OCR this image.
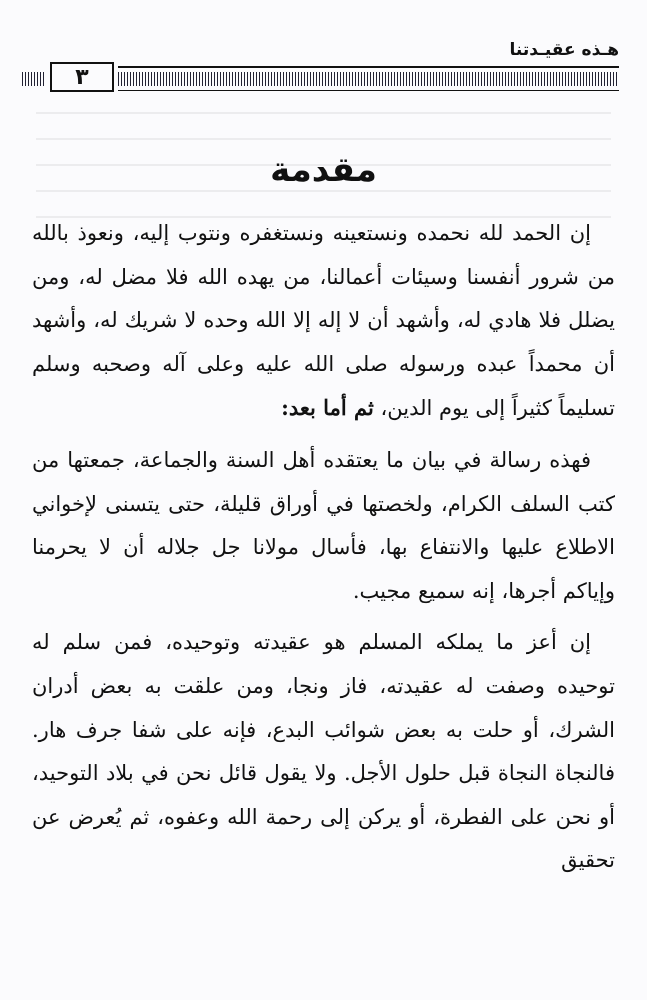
هـذه عقيـدتنا
٣
مقدمة

إن الحمد لله نحمده ونستعينه ونستغفره ونتوب إليه، ونعوذ بالله من شرور أنفسنا وسيئات أعمالنا، من يهده الله فلا مضل له، ومن يضلل فلا هادي له، وأشهد أن لا إله إلا الله وحده لا شريك له، وأشهد أن محمداً عبده ورسوله صلى الله عليه وعلى آله وصحبه وسلم تسليماً كثيراً إلى يوم الدين، ثم أما بعد:

فهذه رسالة في بيان ما يعتقده أهل السنة والجماعة، جمعتها من كتب السلف الكرام، ولخصتها في أوراق قليلة، حتى يتسنى لإخواني الاطلاع عليها والانتفاع بها، فأسال مولانا جل جلاله أن لا يحرمنا وإياكم أجرها، إنه سميع مجيب.

إن أعز ما يملكه المسلم هو عقيدته وتوحيده، فمن سلم له توحيده وصفت له عقيدته، فاز ونجا، ومن علقت به بعض أدران الشرك، أو حلت به بعض شوائب البدع، فإنه على شفا جرف هار. فالنجاة النجاة قبل حلول الأجل. ولا يقول قائل نحن في بلاد التوحيد، أو نحن على الفطرة، أو يركن إلى رحمة الله وعفوه، ثم يُعرض عن تحقيق
